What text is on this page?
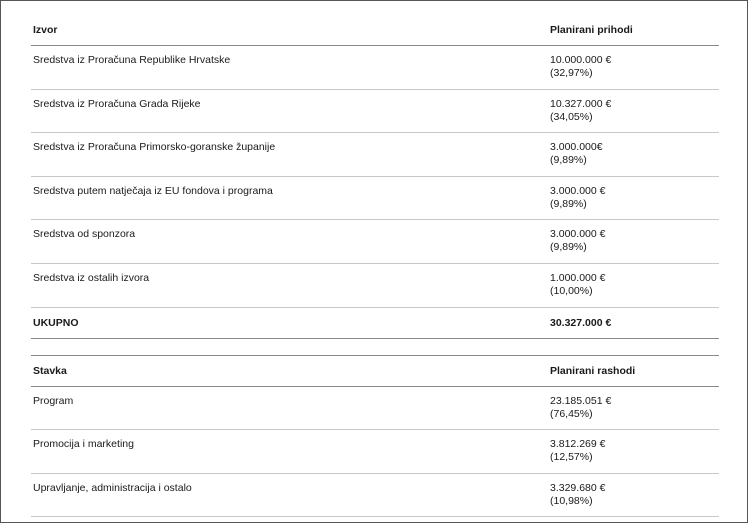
Izvor	Planirani prihodi
Sredstva iz Proračuna Republike Hrvatske	10.000.000 €
(32,97%)
Sredstva iz Proračuna Grada Rijeke	10.327.000 €
(34,05%)
Sredstva iz Proračuna Primorsko-goranske županije	3.000.000€
(9,89%)
Sredstva putem natječaja iz EU fondova i programa	3.000.000 €
(9,89%)
Sredstva od sponzora	3.000.000 €
(9,89%)
Sredstva iz ostalih izvora	1.000.000 €
(10,00%)
UKUPNO	30.327.000 €
Stavka	Planirani rashodi
Program	23.185.051 €
(76,45%)
Promocija i marketing	3.812.269 €
(12,57%)
Upravljanje, administracija i ostalo	3.329.680 €
(10,98%)
